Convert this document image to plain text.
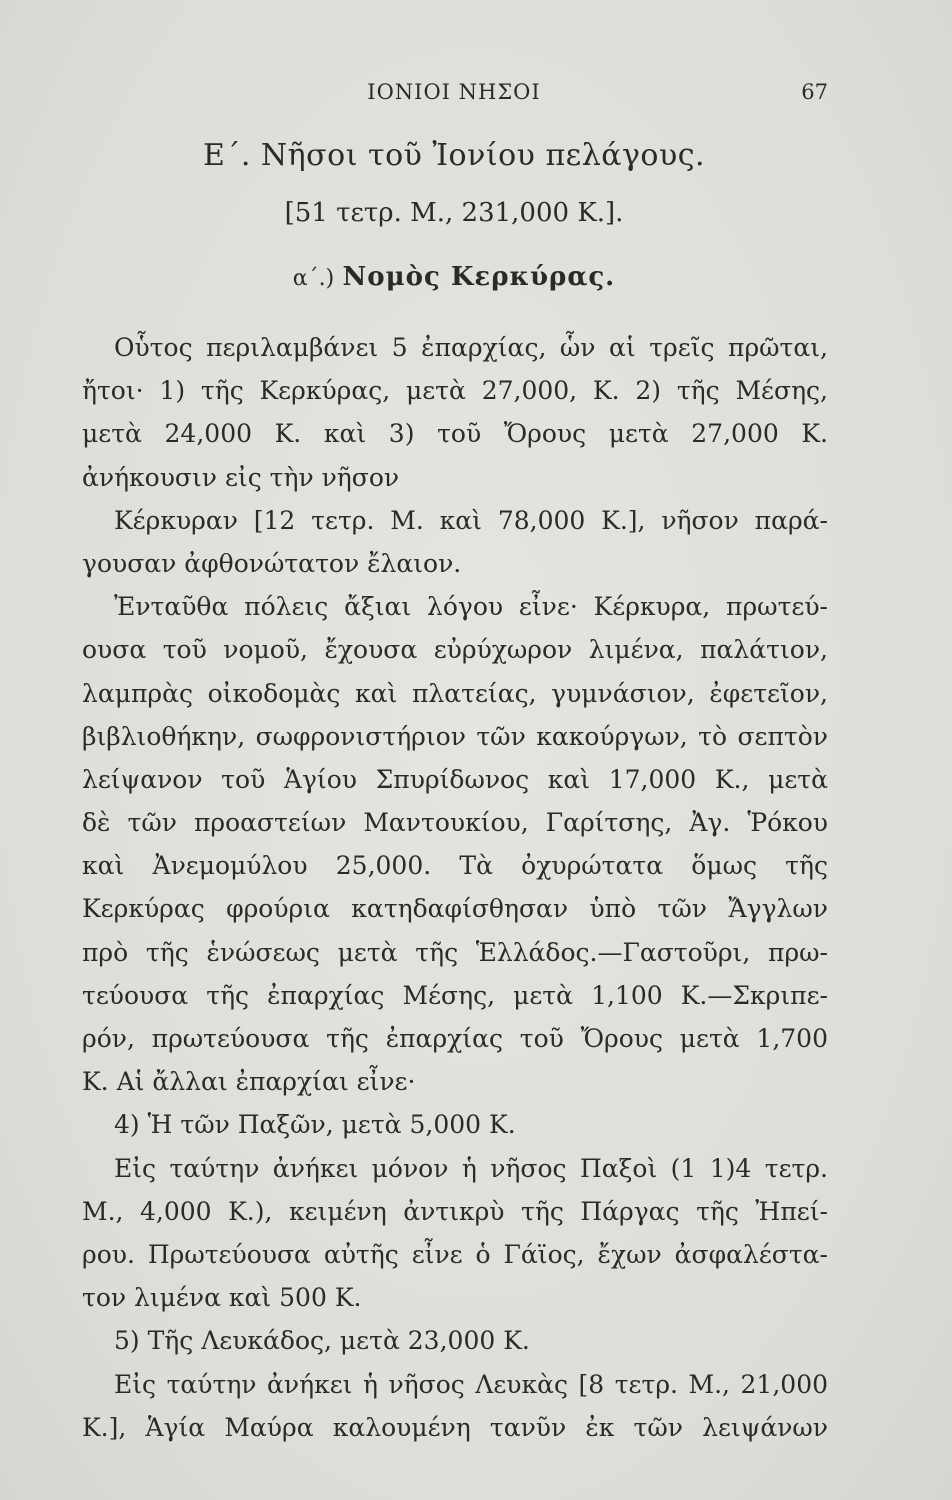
ΙΟΝΙΟΙ ΝΗΣΟΙ	67
Ε΄. Νῆσοι τοῦ Ἰονίου πελάγους.
[51 τετρ. Μ., 231,000 Κ.].
α΄.) Νομὸς Κερκύρας.
Οὗτος περιλαμβάνει 5 ἐπαρχίας, ὧν αἱ τρεῖς πρῶται,
ἤτοι· 1) τῆς Κερκύρας, μετὰ 27,000, Κ. 2) τῆς Μέσης,
μετὰ 24,000 Κ. καὶ 3) τοῦ Ὄρους μετὰ 27,000 Κ.
ἀνήκουσιν εἰς τὴν νῆσον
Κέρκυραν [12 τετρ. Μ. καὶ 78,000 Κ.], νῆσον παρά-
γουσαν ἀφθονώτατον ἔλαιον.
Ἐνταῦθα πόλεις ἄξιαι λόγου εἶνε· Κέρκυρα, πρωτεύ-
ουσα τοῦ νομοῦ, ἔχουσα εὐρύχωρον λιμένα, παλάτιον,
λαμπρὰς οἰκοδομὰς καὶ πλατείας, γυμνάσιον, ἐφετεῖον,
βιβλιοθήκην, σωφρονιστήριον τῶν κακούργων, τὸ σεπτὸν
λείψανον τοῦ Ἁγίου Σπυρίδωνος καὶ 17,000 Κ., μετὰ
δὲ τῶν προαστείων Μαντουκίου, Γαρίτσης, Ἀγ. Ῥόκου
καὶ Ἀνεμομύλου 25,000. Τὰ ὀχυρώτατα ὅμως τῆς
Κερκύρας φρούρια κατηδαφίσθησαν ὑπὸ τῶν Ἄγγλων
πρὸ τῆς ἑνώσεως μετὰ τῆς Ἑλλάδος.—Γαστοῦρι, πρω-
τεύουσα τῆς ἐπαρχίας Μέσης, μετὰ 1,100 Κ.—Σκριπε-
ρόν, πρωτεύουσα τῆς ἐπαρχίας τοῦ Ὄρους μετὰ 1,700
Κ. Αἱ ἄλλαι ἐπαρχίαι εἶνε·
4) Ἡ τῶν Παξῶν, μετὰ 5,000 Κ.
Εἰς ταύτην ἀνήκει μόνον ἡ νῆσος Παξοὶ (1 1)4 τετρ.
Μ., 4,000 Κ.), κειμένη ἀντικρὺ τῆς Πάργας τῆς Ἠπεί-
ρου. Πρωτεύουσα αὐτῆς εἶνε ὁ Γάϊος, ἔχων ἀσφαλέστα-
τον λιμένα καὶ 500 Κ.
5) Τῆς Λευκάδος, μετὰ 23,000 Κ.
Εἰς ταύτην ἀνήκει ἡ νῆσος Λευκὰς [8 τετρ. Μ., 21,000
Κ.], Ἁγία Μαύρα καλουμένη τανῦν ἐκ τῶν λειψάνων
